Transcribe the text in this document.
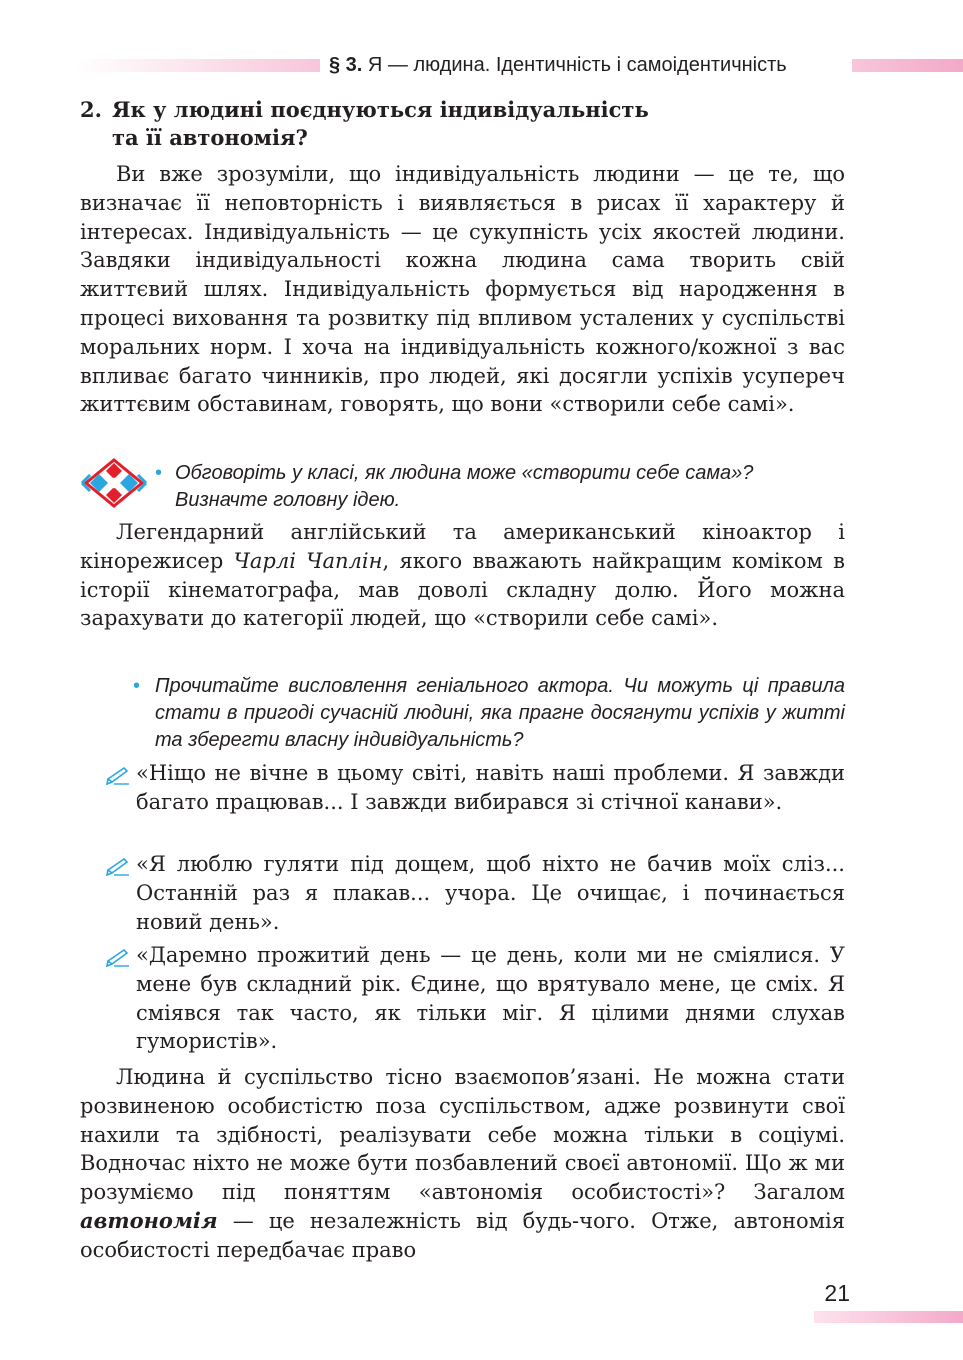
§ 3. Я — людина. Ідентичність і самоідентичність
2. Як у людині поєднуються індивідуальність
та її автономія?

Ви вже зрозуміли, що індивідуальність людини — це те, що визначає її неповторність і виявляється в рисах її характеру й інтересах. Індивідуальність — це сукупність усіх якостей людини. Завдяки індивідуальності кожна людина сама творить свій життєвий шлях. Індивідуальність формується від народження в процесі виховання та розвитку під впливом усталених у суспільстві моральних норм. І хоча на індивідуальність кожного/кожної з вас впливає багато чинників, про людей, які досягли успіхів усупереч життєвим обставинам, говорять, що вони «створили себе самі».

• Обговоріть у класі, як людина може «створити себе сама»? Визначте головну ідею.

Легендарний англійський та американський кіноактор і кінорежисер Чарлі Чаплін, якого вважають найкращим коміком в історії кінематографа, мав доволі складну долю. Його можна зарахувати до категорії людей, що «створили себе самі».

• Прочитайте висловлення геніального актора. Чи можуть ці правила стати в пригоді сучасній людині, яка прагне досягнути успіхів у житті та зберегти власну індивідуальність?
«Ніщо не вічне в цьому світі, навіть наші проблеми. Я завжди багато працював... І завжди вибирався зі стічної канави».
«Я люблю гуляти під дощем, щоб ніхто не бачив моїх сліз... Останній раз я плакав... учора. Це очищає, і починається новий день».
«Даремно прожитий день — це день, коли ми не сміялися. У мене був складний рік. Єдине, що врятувало мене, це сміх. Я сміявся так часто, як тільки міг. Я цілими днями слухав гумористів».

Людина й суспільство тісно взаємопов’язані. Не можна стати розвиненою особистістю поза суспільством, адже розвинути свої нахили та здібності, реалізувати себе можна тільки в соціумі. Водночас ніхто не може бути позбавлений своєї автономії. Що ж ми розуміємо під поняттям «автономія особистості»? Загалом автономія — це незалежність від будь-чого. Отже, автономія особистості передбачає право

21
